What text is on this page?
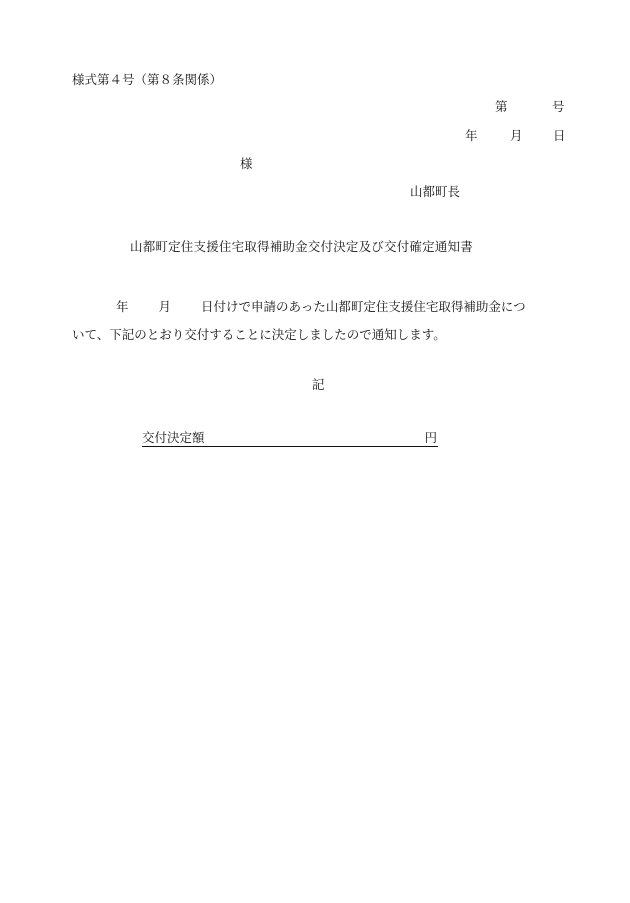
様式第４号（第８条関係）
第	号
年	月 日
様
山都町長
山都町定住支援住宅取得補助金交付決定及び交付確定通知書
年 月 日付けで申請のあった山都町定住支援住宅取得補助金につ
いて、下記のとおり交付することに決定しましたので通知します。
記
交付決定額	円
